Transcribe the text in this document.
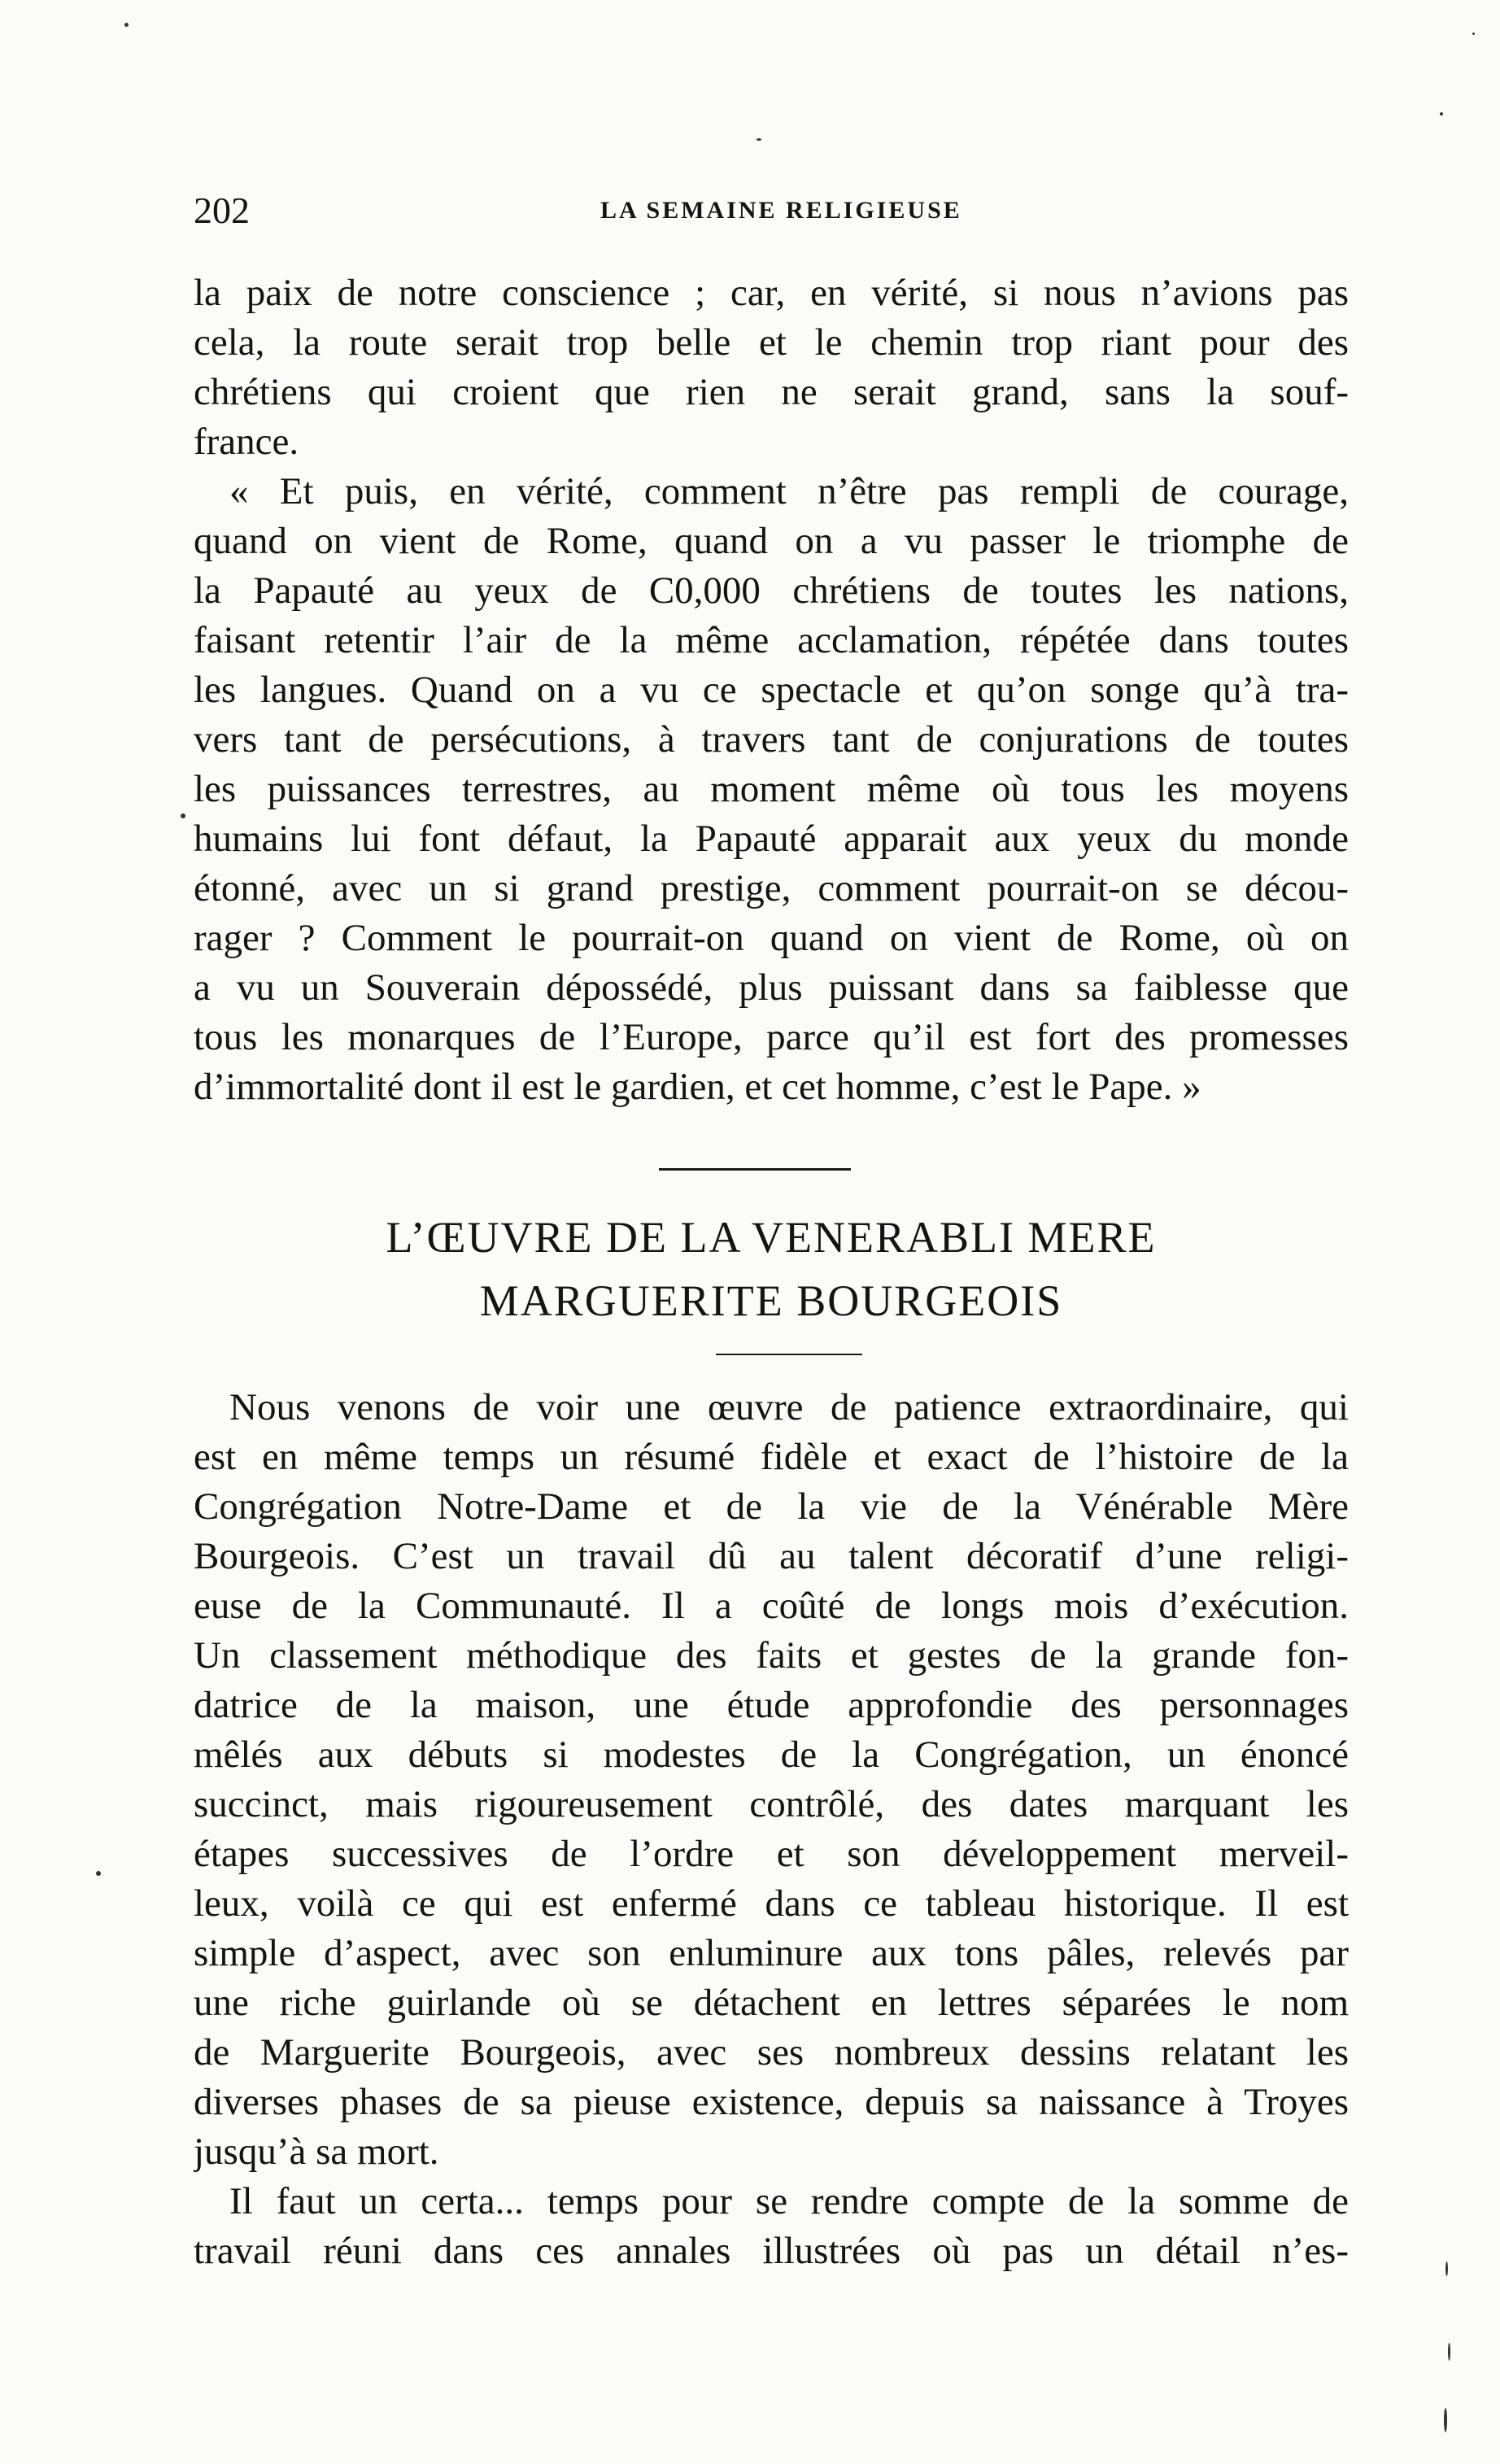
202	LA SEMAINE RELIGIEUSE
la paix de notre conscience ; car, en vérité, si nous n’avions pas
cela, la route serait trop belle et le chemin trop riant pour des
chrétiens qui croient que rien ne serait grand, sans la souf-
france.
« Et puis, en vérité, comment n’être pas rempli de courage,
quand on vient de Rome, quand on a vu passer le triomphe de
la Papauté au yeux de C0,000 chrétiens de toutes les nations,
faisant retentir l’air de la même acclamation, répétée dans toutes
les langues. Quand on a vu ce spectacle et qu’on songe qu’à tra-
vers tant de persécutions, à travers tant de conjurations de toutes
les puissances terrestres, au moment même où tous les moyens
humains lui font défaut, la Papauté apparait aux yeux du monde
étonné, avec un si grand prestige, comment pourrait-on se décou-
rager ? Comment le pourrait-on quand on vient de Rome, où on
a vu un Souverain dépossédé, plus puissant dans sa faiblesse que
tous les monarques de l’Europe, parce qu’il est fort des promesses
d’immortalité dont il est le gardien, et cet homme, c’est le Pape. »
L’ŒUVRE DE LA VENERABLI MERE
MARGUERITE BOURGEOIS
Nous venons de voir une œuvre de patience extraordinaire, qui
est en même temps un résumé fidèle et exact de l’histoire de la
Congrégation Notre-Dame et de la vie de la Vénérable Mère
Bourgeois. C’est un travail dû au talent décoratif d’une religi-
euse de la Communauté. Il a coûté de longs mois d’exécution.
Un classement méthodique des faits et gestes de la grande fon-
datrice de la maison, une étude approfondie des personnages
mêlés aux débuts si modestes de la Congrégation, un énoncé
succinct, mais rigoureusement contrôlé, des dates marquant les
étapes successives de l’ordre et son développement merveil-
leux, voilà ce qui est enfermé dans ce tableau historique. Il est
simple d’aspect, avec son enluminure aux tons pâles, relevés par
une riche guirlande où se détachent en lettres séparées le nom
de Marguerite Bourgeois, avec ses nombreux dessins relatant les
diverses phases de sa pieuse existence, depuis sa naissance à Troyes
jusqu’à sa mort.
Il faut un certa... temps pour se rendre compte de la somme de
travail réuni dans ces annales illustrées où pas un détail n’es-
